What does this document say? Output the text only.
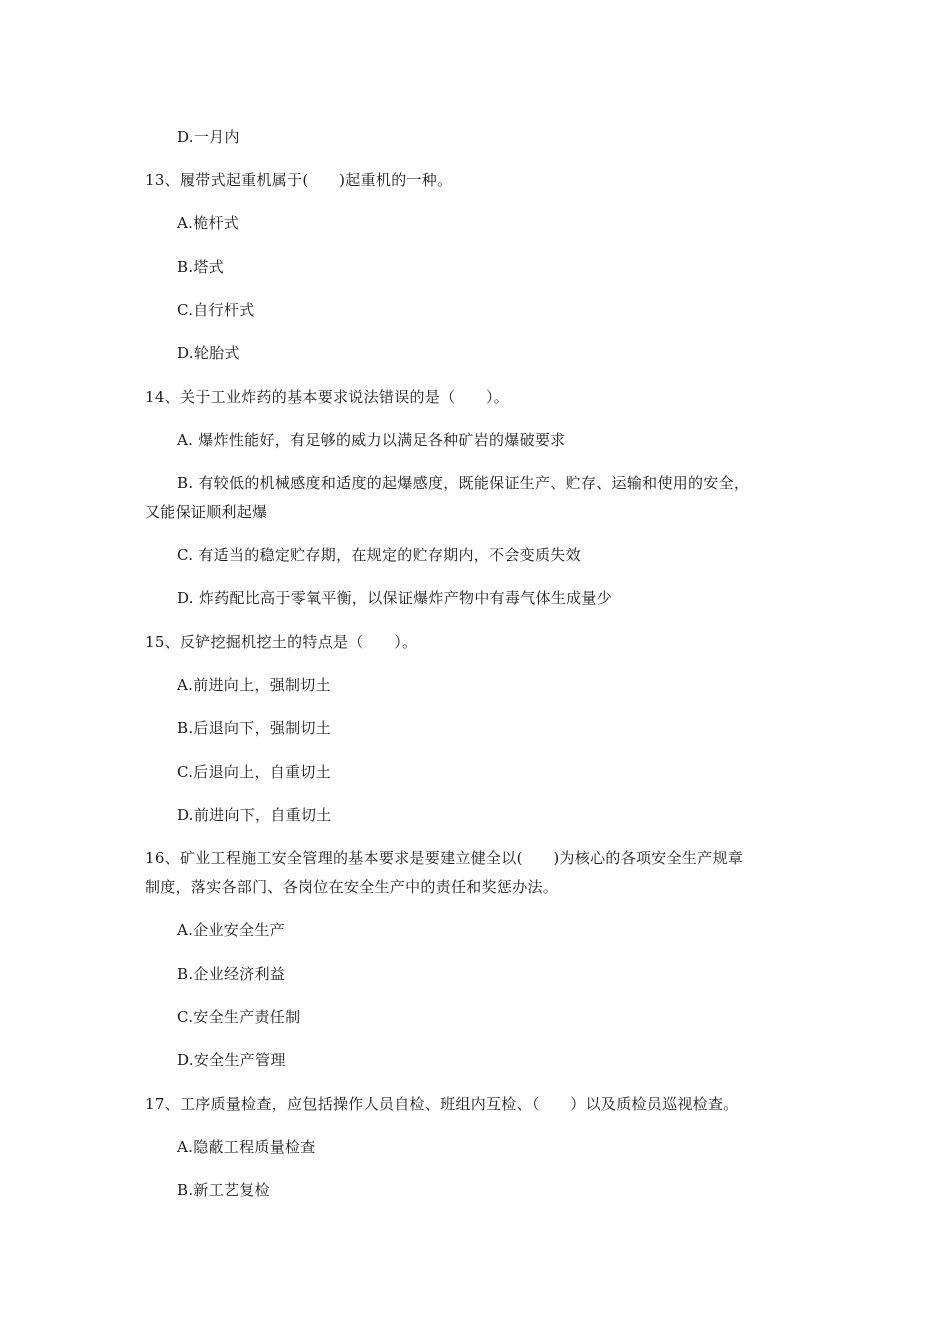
D.一月内
13、履带式起重机属于(　　)起重机的一种。
A.桅杆式
B.塔式
C.自行杆式
D.轮胎式
14、关于工业炸药的基本要求说法错误的是（　　）。
A. 爆炸性能好，有足够的威力以满足各种矿岩的爆破要求
B. 有较低的机械感度和适度的起爆感度，既能保证生产、贮存、运输和使用的安全，
又能保证顺利起爆
C. 有适当的稳定贮存期，在规定的贮存期内，不会变质失效
D. 炸药配比高于零氧平衡，以保证爆炸产物中有毒气体生成量少
15、反铲挖掘机挖土的特点是（　　）。
A.前进向上，强制切土
B.后退向下，强制切土
C.后退向上，自重切土
D.前进向下，自重切土
16、矿业工程施工安全管理的基本要求是要建立健全以(　　)为核心的各项安全生产规章
制度，落实各部门、各岗位在安全生产中的责任和奖惩办法。
A.企业安全生产
B.企业经济利益
C.安全生产责任制
D.安全生产管理
17、工序质量检查，应包括操作人员自检、班组内互检、（　　）以及质检员巡视检查。
A.隐蔽工程质量检查
B.新工艺复检
